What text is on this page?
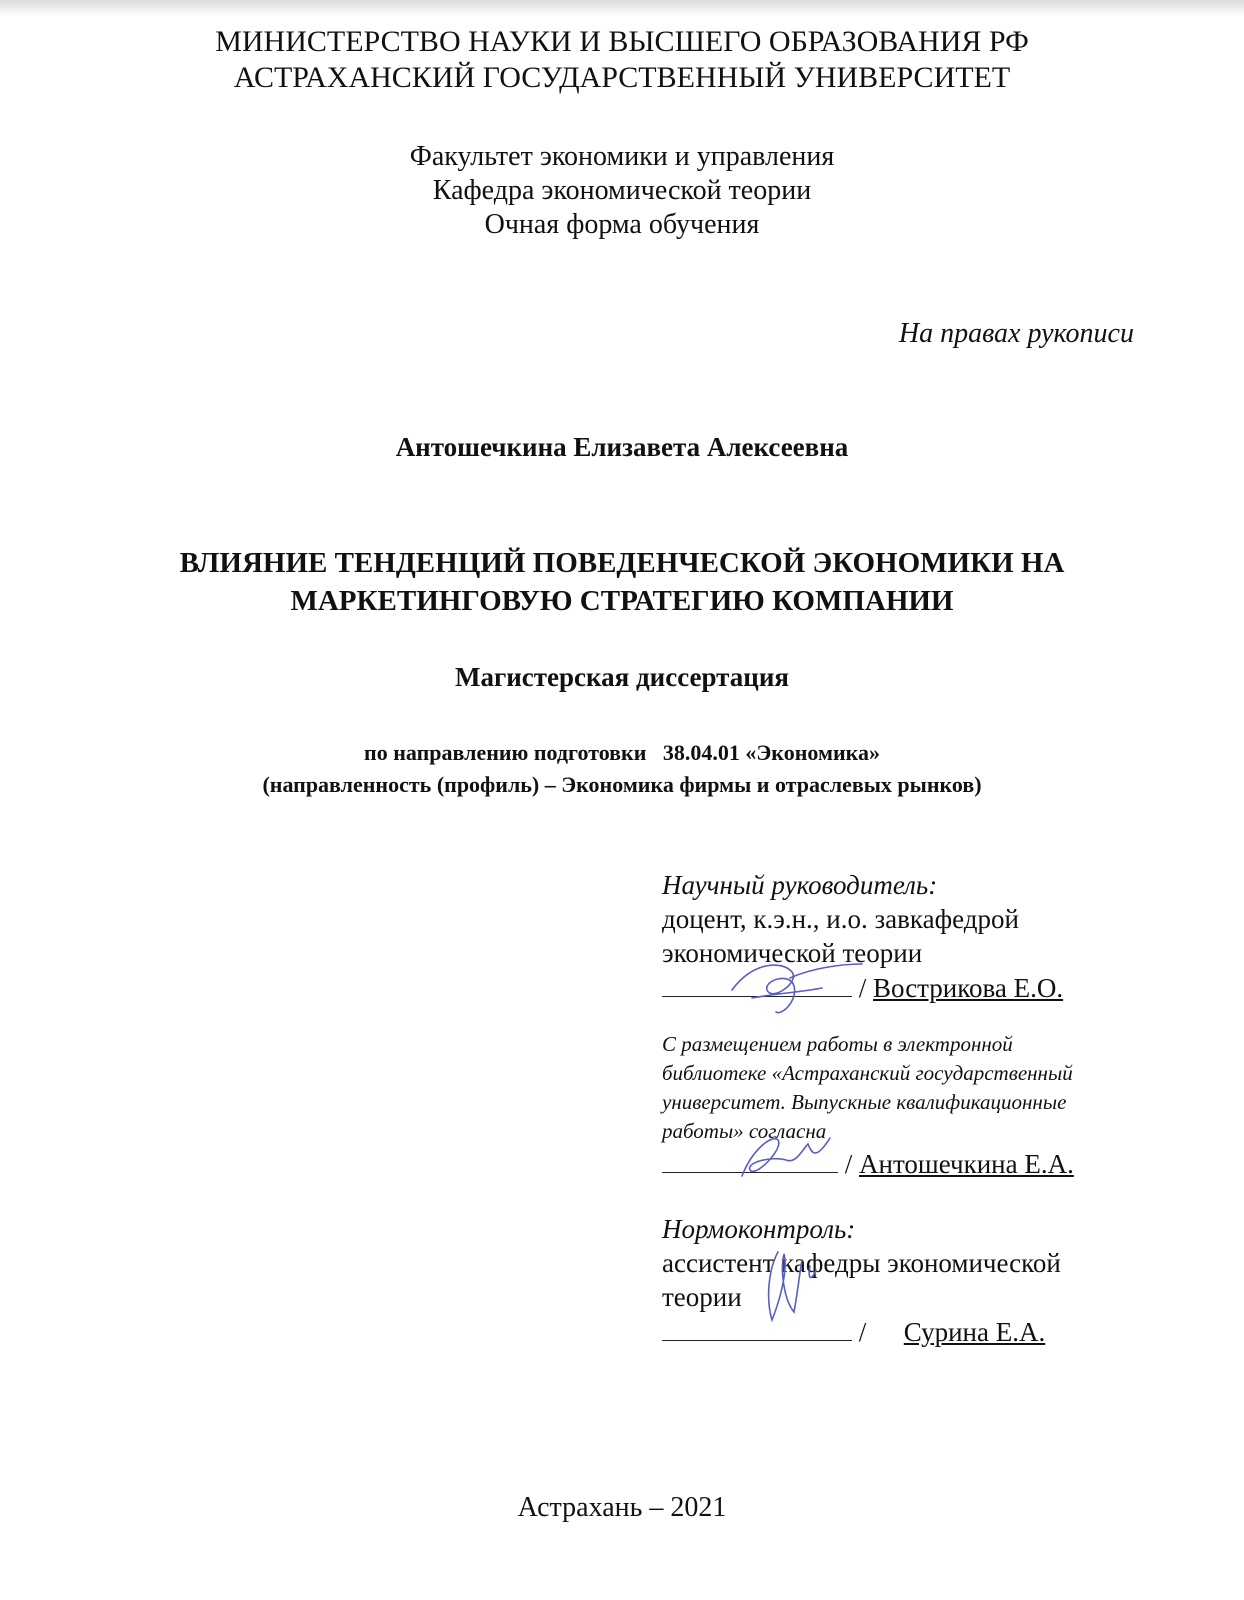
МИНИСТЕРСТВО НАУКИ И ВЫСШЕГО ОБРАЗОВАНИЯ РФ
АСТРАХАНСКИЙ ГОСУДАРСТВЕННЫЙ УНИВЕРСИТЕТ
Факультет экономики и управления
Кафедра экономической теории
Очная форма обучения
На правах рукописи
Антошечкина Елизавета Алексеевна
ВЛИЯНИЕ ТЕНДЕНЦИЙ ПОВЕДЕНЧЕСКОЙ ЭКОНОМИКИ НА
МАРКЕТИНГОВУЮ СТРАТЕГИЮ КОМПАНИИ
Магистерская диссертация
по направлению подготовки   38.04.01 «Экономика»
(направленность (профиль) – Экономика фирмы и отраслевых рынков)
Научный руководитель:
доцент, к.э.н., и.о. завкафедрой
экономической теории
/ Вострикова Е.О.
С размещением работы в электронной
библиотеке «Астраханский государственный
университет. Выпускные квалификационные
работы» согласна
/ Антошечкина Е.А.
Нормоконтроль:
ассистент кафедры экономической
теории
/ Сурина Е.А.
Астрахань – 2021
